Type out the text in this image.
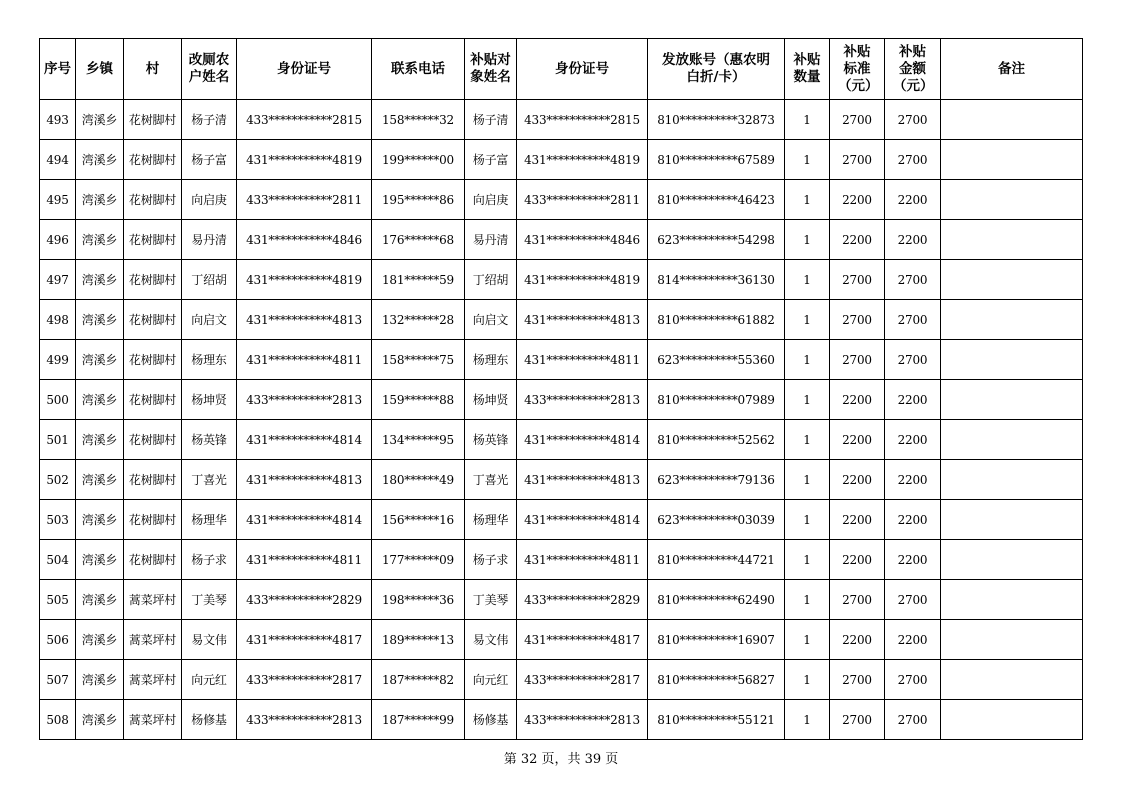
序号	乡镇	村	改厕农户姓名	身份证号	联系电话	补贴对象姓名	身份证号	发放账号（惠农明白折/卡）	补贴数量	补贴标准（元）	补贴金额（元）	备注
493	湾溪乡	花树脚村	杨子清	433***********2815	158******32	杨子清	433***********2815	810**********32873	1	2700	2700	
494	湾溪乡	花树脚村	杨子富	431***********4819	199******00	杨子富	431***********4819	810**********67589	1	2700	2700	
495	湾溪乡	花树脚村	向启庚	433***********2811	195******86	向启庚	433***********2811	810**********46423	1	2200	2200	
496	湾溪乡	花树脚村	易丹清	431***********4846	176******68	易丹清	431***********4846	623**********54298	1	2200	2200	
497	湾溪乡	花树脚村	丁绍胡	431***********4819	181******59	丁绍胡	431***********4819	814**********36130	1	2700	2700	
498	湾溪乡	花树脚村	向启文	431***********4813	132******28	向启文	431***********4813	810**********61882	1	2700	2700	
499	湾溪乡	花树脚村	杨理东	431***********4811	158******75	杨理东	431***********4811	623**********55360	1	2700	2700	
500	湾溪乡	花树脚村	杨坤贤	433***********2813	159******88	杨坤贤	433***********2813	810**********07989	1	2200	2200	
501	湾溪乡	花树脚村	杨英锋	431***********4814	134******95	杨英锋	431***********4814	810**********52562	1	2200	2200	
502	湾溪乡	花树脚村	丁喜光	431***********4813	180******49	丁喜光	431***********4813	623**********79136	1	2200	2200	
503	湾溪乡	花树脚村	杨理华	431***********4814	156******16	杨理华	431***********4814	623**********03039	1	2200	2200	
504	湾溪乡	花树脚村	杨子求	431***********4811	177******09	杨子求	431***********4811	810**********44721	1	2200	2200	
505	湾溪乡	蒿菜坪村	丁美琴	433***********2829	198******36	丁美琴	433***********2829	810**********62490	1	2700	2700	
506	湾溪乡	蒿菜坪村	易文伟	431***********4817	189******13	易文伟	431***********4817	810**********16907	1	2200	2200	
507	湾溪乡	蒿菜坪村	向元红	433***********2817	187******82	向元红	433***********2817	810**********56827	1	2700	2700	
508	湾溪乡	蒿菜坪村	杨修基	433***********2813	187******99	杨修基	433***********2813	810**********55121	1	2700	2700	
第 32 页，共 39 页
